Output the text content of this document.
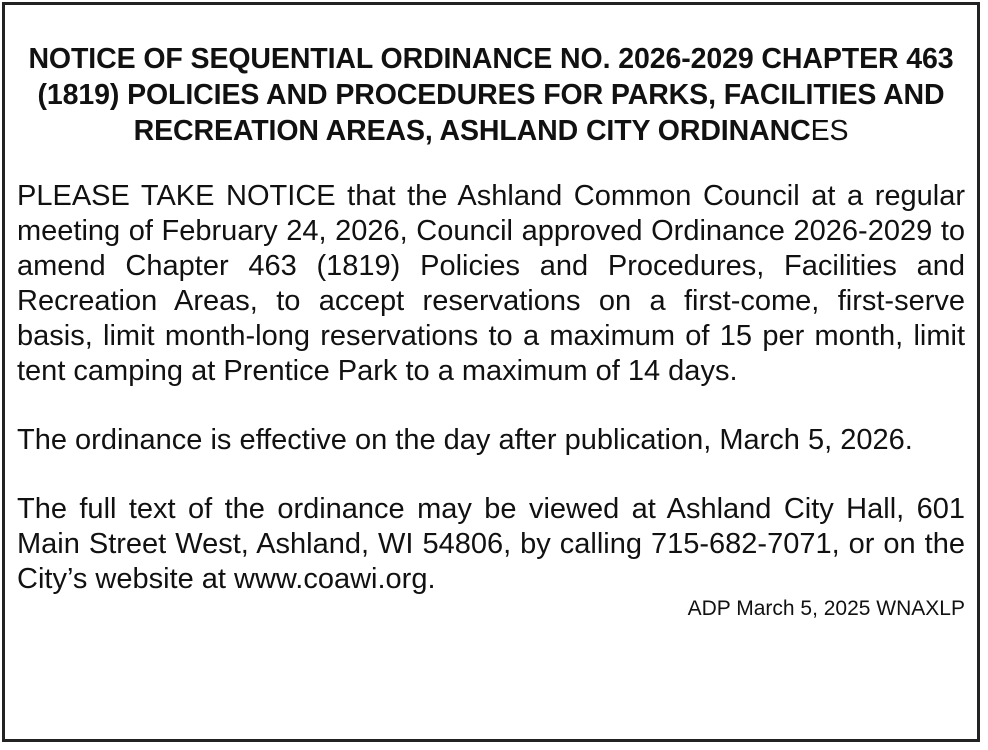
NOTICE OF SEQUENTIAL ORDINANCE NO. 2026-2029 CHAPTER 463 (1819) POLICIES AND PROCEDURES FOR PARKS, FACILITIES AND RECREATION AREAS, ASHLAND CITY ORDINANCES

PLEASE TAKE NOTICE that the Ashland Common Council at a regular meeting of February 24, 2026, Council approved Ordinance 2026-2029 to amend Chapter 463 (1819) Policies and Procedures, Facilities and Recreation Areas, to accept reservations on a first-come, first-serve basis, limit month-long reservations to a maximum of 15 per month, limit tent camping at Prentice Park to a maximum of 14 days.

The ordinance is effective on the day after publication, March 5, 2026.

The full text of the ordinance may be viewed at Ashland City Hall, 601 Main Street West, Ashland, WI 54806, by calling 715-682-7071, or on the City’s website at www.coawi.org.

ADP March 5, 2025 WNAXLP
